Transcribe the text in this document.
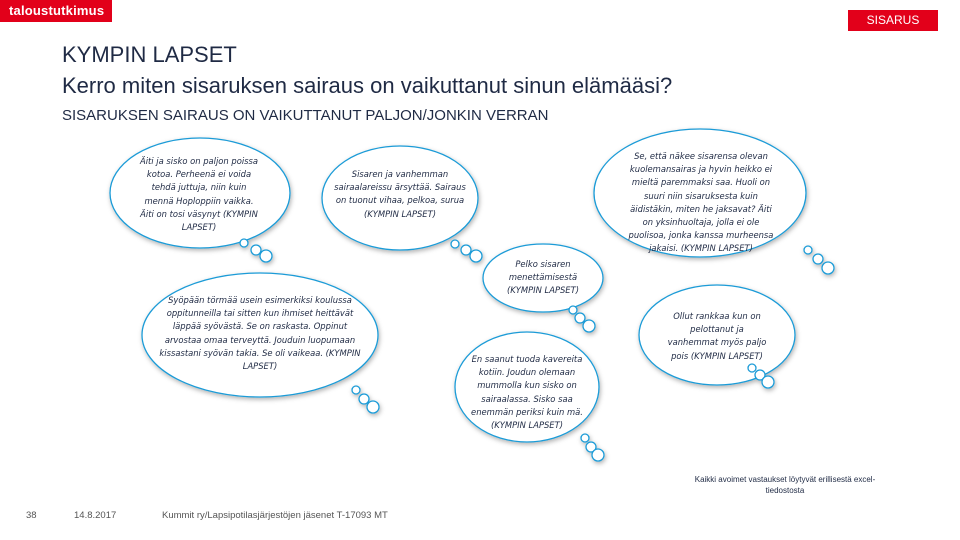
taloustutkimus
SISARUS
KYMPIN LAPSET
Kerro miten sisaruksen sairaus on vaikuttanut sinun elämääsi?
SISARUKSEN SAIRAUS ON VAIKUTTANUT PALJON/JONKIN VERRAN
Äiti ja sisko on paljon poissa kotoa. Perheenä ei voida tehdä juttuja, niin kuin mennä Hoploppiin vaikka. Äiti on tosi väsynyt (KYMPIN LAPSET)
Sisaren ja vanhemman sairaalareissu ärsyttää. Sairaus on tuonut vihaa, pelkoa, surua (KYMPIN LAPSET)
Se, että näkee sisarensa olevan kuolemansairas ja hyvin heikko ei mieltä paremmaksi saa. Huoli on suuri niin sisaruksesta kuin äidistäkin, miten he jaksavat? Äiti on yksinhuoltaja, jolla ei ole puolisoa, jonka kanssa murheensa jakaisi. (KYMPIN LAPSET)
Pelko sisaren menettämisestä (KYMPIN LAPSET)
Syöpään törmää usein esimerkiksi koulussa oppitunneilla tai sitten kun ihmiset heittävät läppää syövästä. Se on raskasta. Oppinut arvostaa omaa terveyttä. Jouduin luopumaan kissastani syövän takia. Se oli vaikeaa. (KYMPIN LAPSET)
Ollut rankkaa kun on pelottanut ja vanhemmat myös paljo pois (KYMPIN LAPSET)
En saanut tuoda kavereita kotiin. Joudun olemaan mummolla kun sisko on sairaalassa. Sisko saa enemmän periksi kuin mä. (KYMPIN LAPSET)
Kaikki avoimet vastaukset löytyvät erillisestä excel-tiedostosta
38	14.8.2017	Kummit ry/Lapsipotilasjärjestöjen jäsenet T-17093 MT
